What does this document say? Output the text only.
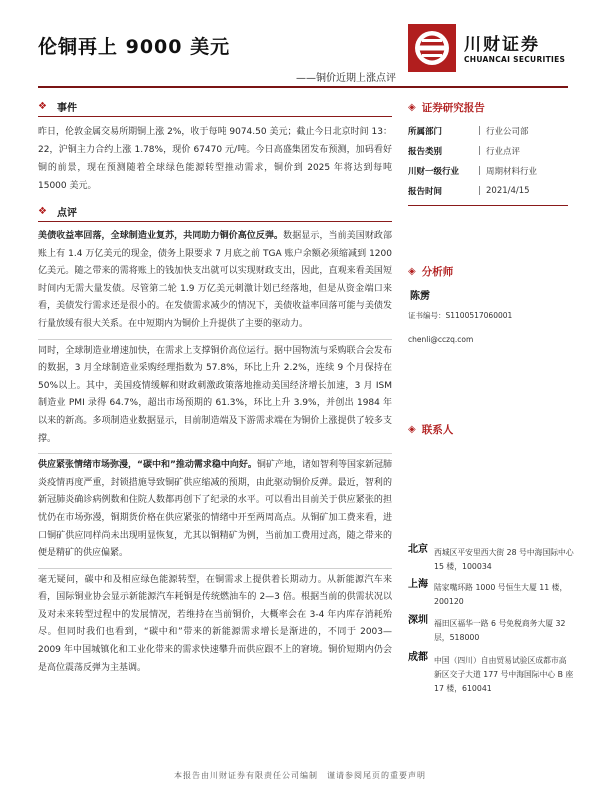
伦铜再上 9000 美元	川财证券
CHUANCAI SECURITIES
——铜价近期上涨点评
❖ 事件
昨日，伦敦金属交易所期铜上涨 2%，收于每吨 9074.50 美元；截止今日北京时间 13：22，沪铜主力合约上涨 1.78%，现价 67470 元/吨。今日高盛集团发布预测，加码看好铜的前景，现在预测随着全球绿色能源转型推动需求，铜价到 2025 年将达到每吨 15000 美元。
❖ 点评
美债收益率回落，全球制造业复苏，共同助力铜价高位反弹。数据显示，当前美国财政部账上有 1.4 万亿美元的现金，债务上限要求 7 月底之前 TGA 账户余额必须缩减到 1200 亿美元。随之带来的需将账上的钱加快支出就可以实现财政支出，因此，直观来看美国短时间内无需大量发债。尽管第二轮 1.9 万亿美元刺激计划已经落地，但是从资金端口来看，美债发行需求还是很小的。在发债需求减少的情况下，美债收益率回落可能与美债发行量放缓有很大关系。在中短期内为铜价上升提供了主要的驱动力。
同时，全球制造业增速加快，在需求上支撑铜价高位运行。据中国物流与采购联合会发布的数据，3 月全球制造业采购经理指数为 57.8%，环比上升 2.2%，连续 9 个月保持在 50%以上。其中，美国疫情缓解和财政刺激政策落地推动美国经济增长加速，3 月 ISM 制造业 PMI 录得 64.7%，超出市场预期的 61.3%，环比上升 3.9%，并创出 1984 年以来的新高。多项制造业数据显示，目前制造端及下游需求端在为铜价上涨提供了较多支撑。
供应紧张情绪市场弥漫，“碳中和”推动需求稳中向好。铜矿产地，诸如智利等国家新冠肺炎疫情再度严重，封锁措施导致铜矿供应缩减的预期，由此驱动铜价反弹。最近，智利的新冠肺炎确诊病例数和住院人数都再创下了纪录的水平。可以看出目前关于供应紧张的担忧仍在市场弥漫，铜期货价格在供应紧张的情绪中开至两周高点。从铜矿加工费来看，进口铜矿供应同样尚未出现明显恢复，尤其以铜精矿为例，当前加工费用过高，随之带来的便是精矿的供应偏紧。
毫无疑问，碳中和及相应绿色能源转型，在铜需求上提供着长期动力。从新能源汽车来看，国际铜业协会显示新能源汽车耗铜是传统燃油车的 2—3 倍。根据当前的供需状况以及对未来转型过程中的发展情况，若维持在当前铜价，大概率会在 3-4 年内库存消耗殆尽。但同时我们也看到，“碳中和”带来的新能源需求增长是渐进的，不同于 2003—2009 年中国城镇化和工业化带来的需求快速攀升而供应跟不上的窘境。铜价短期内仍会是高位震荡反弹为主基调。
◈ 证券研究报告
所属部门	| 行业公司部
报告类别	| 行业点评
川财一级行业	| 周期材料行业
报告时间	| 2021/4/15
◈ 分析师
陈雳
证书编号：S1100517060001
chenli@cczq.com
◈ 联系人
北京 西城区平安里西大街 28 号中海国际中心 15 楼，100034
上海 陆家嘴环路 1000 号恒生大厦 11 楼，200120
深圳 福田区福华一路 6 号免税商务大厦 32 层，518000
成都 中国（四川）自由贸易试验区成都市高新区交子大道 177 号中海国际中心 B 座 17 楼，610041
本报告由川财证券有限责任公司编制　谨请参阅尾页的重要声明
